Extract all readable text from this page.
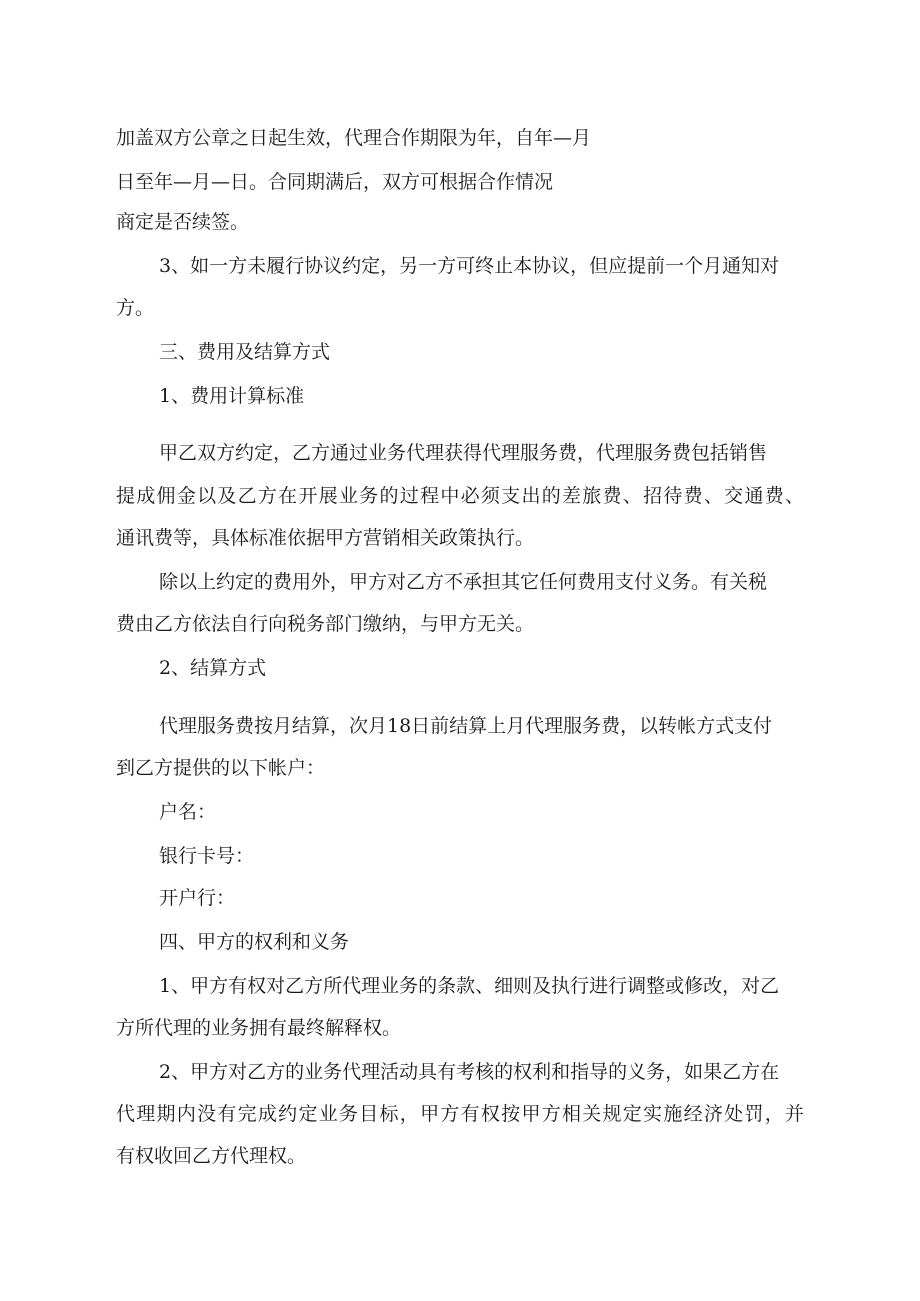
加盖双方公章之日起生效，代理合作期限为年，自年—月

日至年—月—日。合同期满后，双方可根据合作情况

商定是否续签。

3、如一方未履行协议约定，另一方可终止本协议，但应提前一个月通知对

方。

三、费用及结算方式

1、费用计算标准

甲乙双方约定，乙方通过业务代理获得代理服务费，代理服务费包括销售

提成佣金以及乙方在开展业务的过程中必须支出的差旅费、招待费、交通费、

通讯费等，具体标准依据甲方营销相关政策执行。

除以上约定的费用外，甲方对乙方不承担其它任何费用支付义务。有关税

费由乙方依法自行向税务部门缴纳，与甲方无关。

2、结算方式

代理服务费按月结算，次月18日前结算上月代理服务费，以转帐方式支付

到乙方提供的以下帐户：

户名：

银行卡号：

开户行：

四、甲方的权利和义务

1、甲方有权对乙方所代理业务的条款、细则及执行进行调整或修改，对乙

方所代理的业务拥有最终解释权。

2、甲方对乙方的业务代理活动具有考核的权利和指导的义务，如果乙方在

代理期内没有完成约定业务目标，甲方有权按甲方相关规定实施经济处罚，并

有权收回乙方代理权。
